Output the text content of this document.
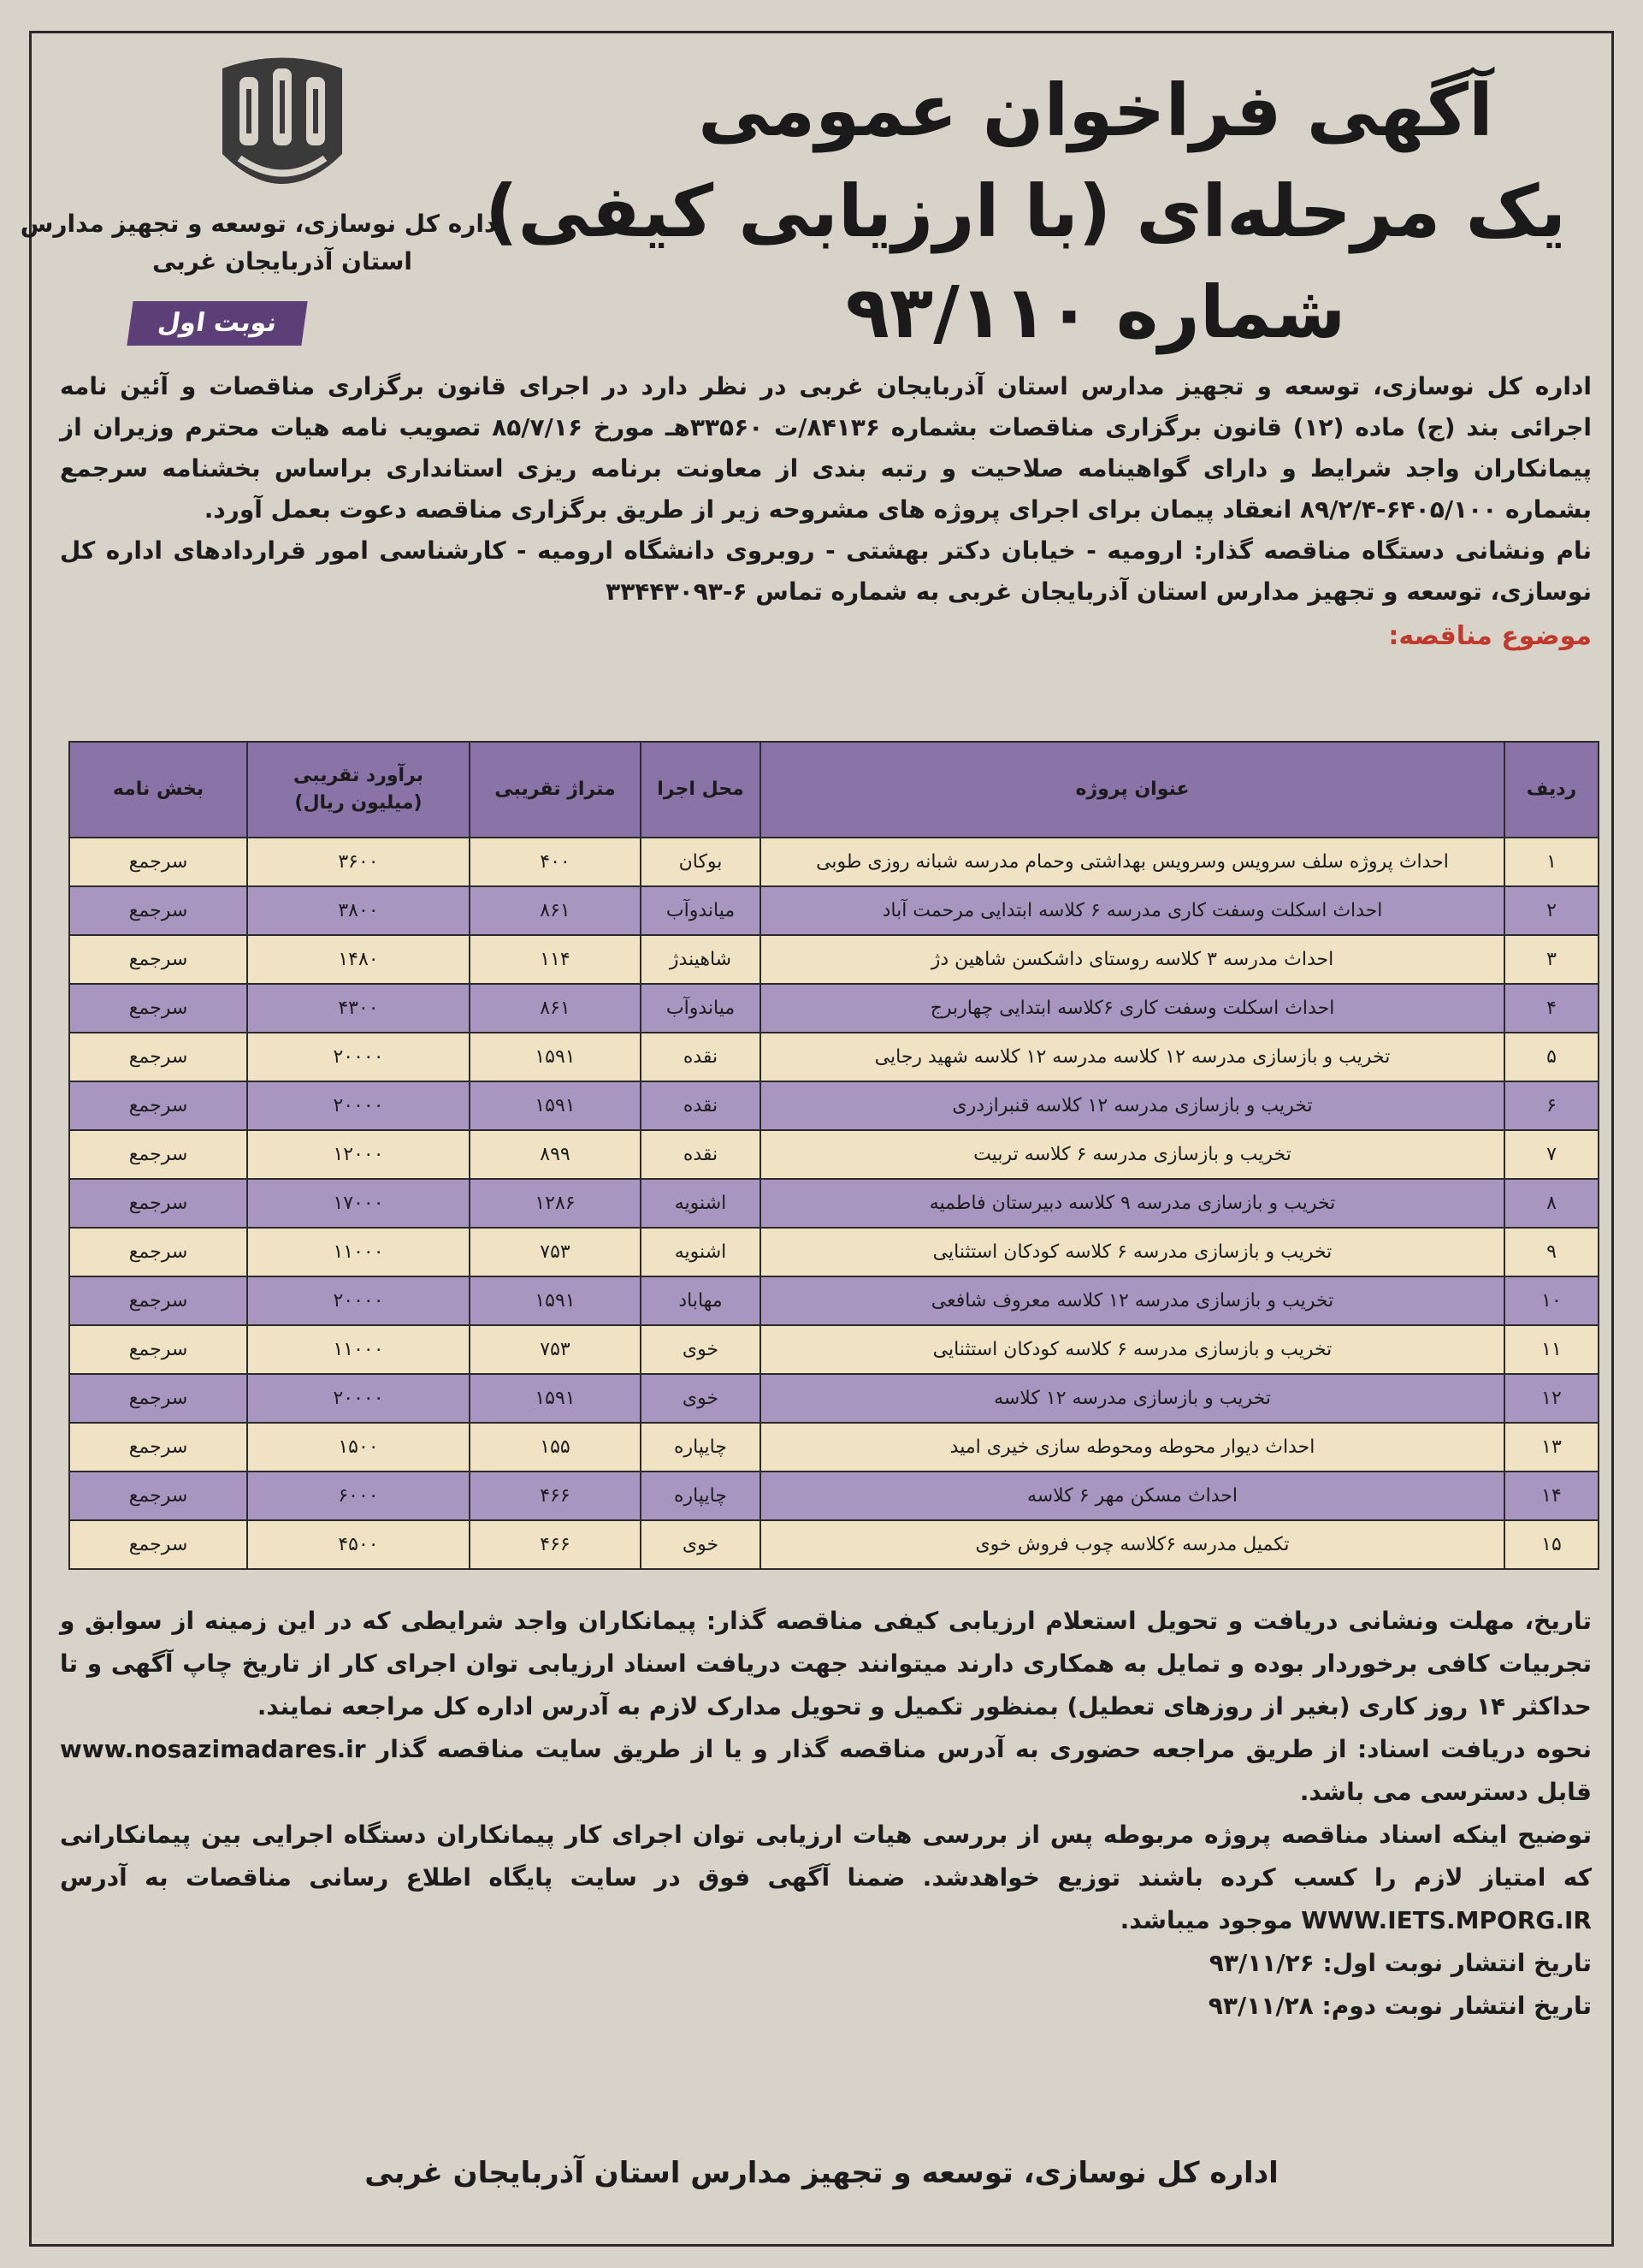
اداره کل نوسازی، توسعه و تجهیز مدارس
استان آذربایجان غربی
نوبت اول
آگهی فراخوان عمومی
یک مرحله‌ای (با ارزیابی کیفی)
شماره ۹۳/۱۱۰

اداره کل نوسازی، توسعه و تجهیز مدارس استان آذربایجان غربی در نظر دارد در اجرای قانون برگزاری مناقصات و آئین نامه اجرائی بند (ج) ماده (۱۲) قانون برگزاری مناقصات بشماره ۸۴۱۳۶/ت ۳۳۵۶۰هـ مورخ ۸۵/۷/۱۶ تصویب نامه هیات محترم وزیران از پیمانکاران واجد شرایط و دارای گواهینامه صلاحیت و رتبه بندی از معاونت برنامه ریزی استانداری براساس بخشنامه سرجمع بشماره ۶۴۰۵/۱۰۰-۸۹/۲/۴ انعقاد پیمان برای اجرای پروژه های مشروحه زیر از طریق برگزاری مناقصه دعوت بعمل آورد.

نام ونشانی دستگاه مناقصه گذار: ارومیه - خیابان دکتر بهشتی - روبروی دانشگاه ارومیه - کارشناسی امور قراردادهای اداره کل نوسازی، توسعه و تجهیز مدارس استان آذربایجان غربی به شماره تماس ۶-۳۳۴۴۳۰۹۳

موضوع مناقصه:
ردیف	عنوان پروژه	محل اجرا	متراژ تقریبی	برآورد تقریبی
(میلیون ریال)	بخش نامه
۱	احداث پروژه سلف سرویس وسرویس بهداشتی وحمام مدرسه شبانه روزی طوبی	بوکان	۴۰۰	۳۶۰۰	سرجمع
۲	احداث اسکلت وسفت کاری مدرسه ۶ کلاسه ابتدایی مرحمت آباد	میاندوآب	۸۶۱	۳۸۰۰	سرجمع
۳	احداث مدرسه ۳ کلاسه روستای داشکسن شاهین دژ	شاهیندژ	۱۱۴	۱۴۸۰	سرجمع
۴	احداث اسکلت وسفت کاری ۶کلاسه ابتدایی چهاربرج	میاندوآب	۸۶۱	۴۳۰۰	سرجمع
۵	تخریب و بازسازی مدرسه ۱۲ کلاسه مدرسه ۱۲ کلاسه شهید رجایی	نقده	۱۵۹۱	۲۰۰۰۰	سرجمع
۶	تخریب و بازسازی مدرسه ۱۲ کلاسه قنبرازدری	نقده	۱۵۹۱	۲۰۰۰۰	سرجمع
۷	تخریب و بازسازی مدرسه ۶ کلاسه تربیت	نقده	۸۹۹	۱۲۰۰۰	سرجمع
۸	تخریب و بازسازی مدرسه ۹ کلاسه دبیرستان فاطمیه	اشنویه	۱۲۸۶	۱۷۰۰۰	سرجمع
۹	تخریب و بازسازی مدرسه ۶ کلاسه کودکان استثنایی	اشنویه	۷۵۳	۱۱۰۰۰	سرجمع
۱۰	تخریب و بازسازی مدرسه ۱۲ کلاسه معروف شافعی	مهاباد	۱۵۹۱	۲۰۰۰۰	سرجمع
۱۱	تخریب و بازسازی مدرسه ۶ کلاسه کودکان استثنایی	خوی	۷۵۳	۱۱۰۰۰	سرجمع
۱۲	تخریب و بازسازی مدرسه ۱۲ کلاسه	خوی	۱۵۹۱	۲۰۰۰۰	سرجمع
۱۳	احداث دیوار محوطه ومحوطه سازی خیری امید	چایپاره	۱۵۵	۱۵۰۰	سرجمع
۱۴	احداث مسکن مهر ۶ کلاسه	چایپاره	۴۶۶	۶۰۰۰	سرجمع
۱۵	تکمیل مدرسه ۶کلاسه چوب فروش خوی	خوی	۴۶۶	۴۵۰۰	سرجمع

تاریخ، مهلت ونشانی دریافت و تحویل استعلام ارزیابی کیفی مناقصه گذار: پیمانکاران واجد شرایطی که در این زمینه از سوابق و تجربیات کافی برخوردار بوده و تمایل به همکاری دارند میتوانند جهت دریافت اسناد ارزیابی توان اجرای کار از تاریخ چاپ آگهی و تا حداکثر ۱۴ روز کاری (بغیر از روزهای تعطیل) بمنظور تکمیل و تحویل مدارک لازم به آدرس اداره کل مراجعه نمایند.

نحوه دریافت اسناد: از طریق مراجعه حضوری به آدرس مناقصه گذار و یا از طریق سایت مناقصه گذار www.nosazimadares.ir قابل دسترسی می باشد.

توضیح اینکه اسناد مناقصه پروژه مربوطه پس از بررسی هیات ارزیابی توان اجرای کار پیمانکاران دستگاه اجرایی بین پیمانکارانی که امتیاز لازم را کسب کرده باشند توزیع خواهدشد. ضمنا آگهی فوق در سایت پایگاه اطلاع رسانی مناقصات به آدرس WWW.IETS.MPORG.IR موجود میباشد.

تاریخ انتشار نوبت اول: ۹۳/۱۱/۲۶

تاریخ انتشار نوبت دوم: ۹۳/۱۱/۲۸

اداره کل نوسازی، توسعه و تجهیز مدارس استان آذربایجان غربی
